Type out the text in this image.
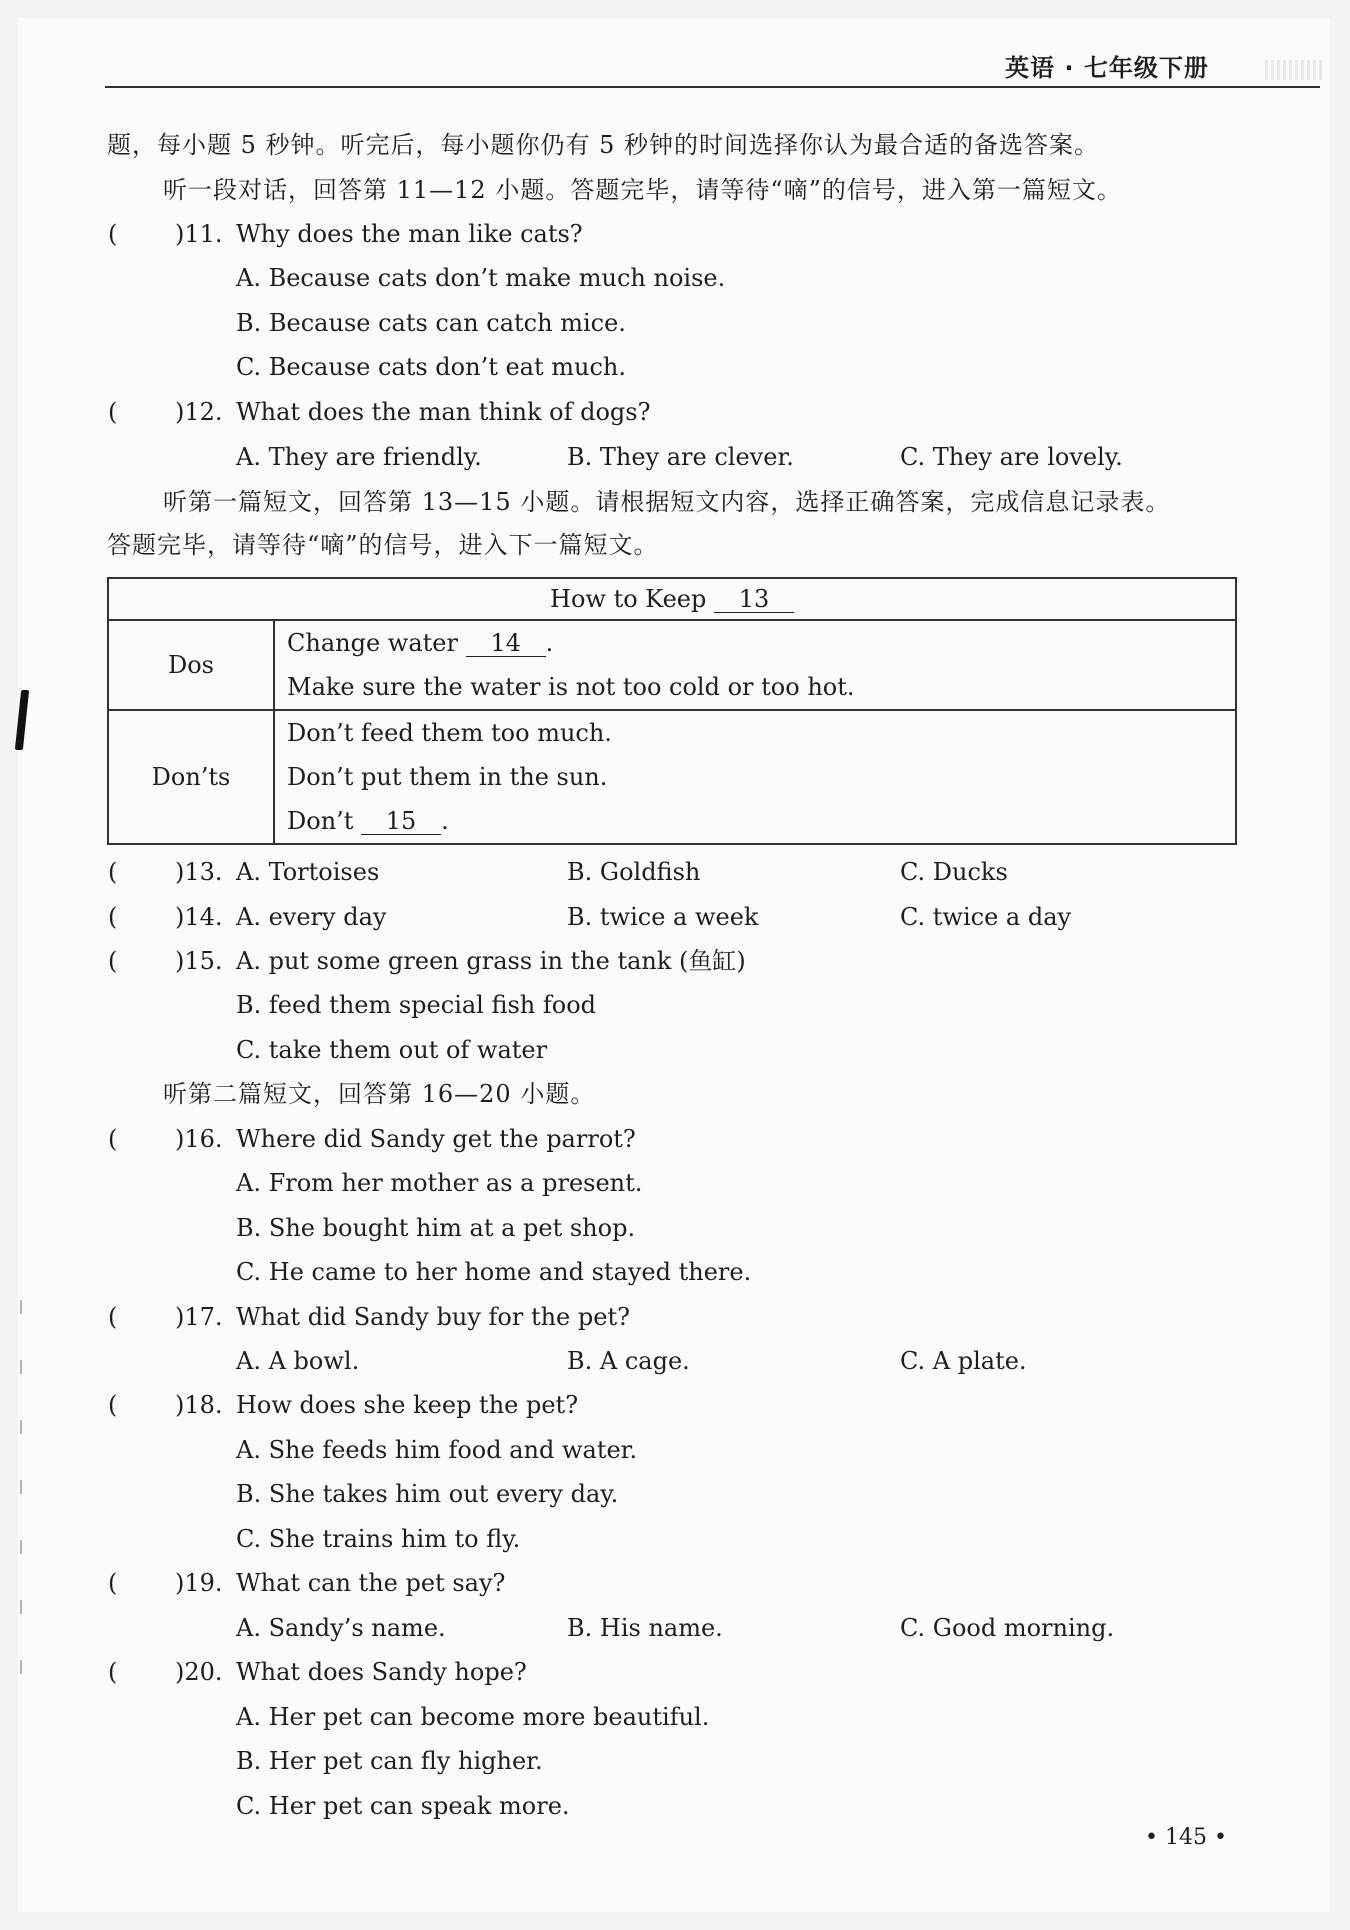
英语 · 七年级下册
题，每小题 5 秒钟。听完后，每小题你仍有 5 秒钟的时间选择你认为最合适的备选答案。
听一段对话，回答第 11—12 小题。答题完毕，请等待“嘀”的信号，进入第一篇短文。
( )11. Why does the man like cats?
A. Because cats don’t make much noise.
B. Because cats can catch mice.
C. Because cats don’t eat much.
( )12. What does the man think of dogs?
A. They are friendly.	B. They are clever.	C. They are lovely.
听第一篇短文，回答第 13—15 小题。请根据短文内容，选择正确答案，完成信息记录表。
答题完毕，请等待“嘀”的信号，进入下一篇短文。
How to Keep 13	
Dos	Change water 14 .
Make sure the water is not too cold or too hot.

Don’ts	Don’t feed them too much.
Don’t put them in the sun.
Don’t 15 .
( )13. A. Tortoises	B. Goldfish	C. Ducks
( )14. A. every day	B. twice a week	C. twice a day
( )15. A. put some green grass in the tank (鱼缸)
B. feed them special fish food
C. take them out of water
听第二篇短文，回答第 16—20 小题。
( )16. Where did Sandy get the parrot?
A. From her mother as a present.
B. She bought him at a pet shop.
C. He came to her home and stayed there.
( )17. What did Sandy buy for the pet?
A. A bowl.	B. A cage.	C. A plate.
( )18. How does she keep the pet?
A. She feeds him food and water.
B. She takes him out every day.
C. She trains him to fly.
( )19. What can the pet say?
A. Sandy’s name.	B. His name.	C. Good morning.
( )20. What does Sandy hope?
A. Her pet can become more beautiful.
B. Her pet can fly higher.
C. Her pet can speak more.
• 145 •
